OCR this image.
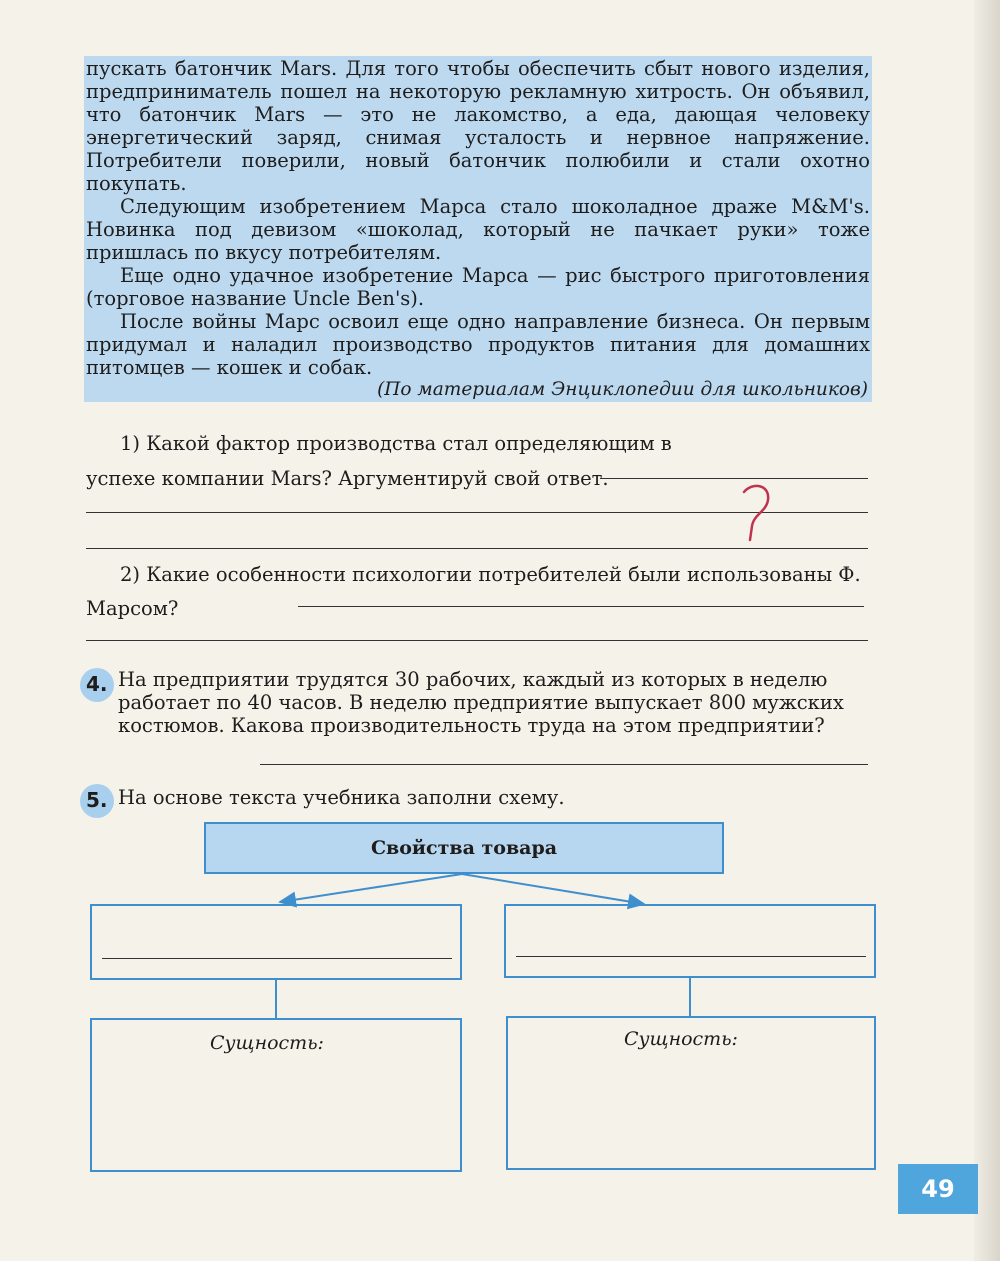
пускать батончик Mars. Для того чтобы обеспечить сбыт нового изделия, предприниматель пошел на некоторую рекламную хитрость. Он объявил, что батончик Mars — это не лакомство, а еда, дающая человеку энергетический заряд, снимая усталость и нервное напряжение. Потребители поверили, новый батончик полюбили и стали охотно покупать.

Следующим изобретением Марса стало шоколадное драже M&M's. Новинка под девизом «шоколад, который не пачкает руки» тоже пришлась по вкусу потребителям.

Еще одно удачное изобретение Марса — рис быстрого приготовления (торговое название Uncle Ben's).

После войны Марс освоил еще одно направление бизнеса. Он первым придумал и наладил производство продуктов питания для домашних питомцев — кошек и собак.

(По материалам Энциклопедии для школьников)
1) Какой фактор производства стал определяющим в успехе компании Mars? Аргументируй свой ответ.
2) Какие особенности психологии потребителей были использованы Ф. Марсом?
4. На предприятии трудятся 30 рабочих, каждый из которых в неделю работает по 40 часов. В неделю предприятие выпускает 800 мужских костюмов. Какова производительность труда на этом предприятии?
5. На основе текста учебника заполни схему.
Свойства товара
Сущность:	Сущность:
49
